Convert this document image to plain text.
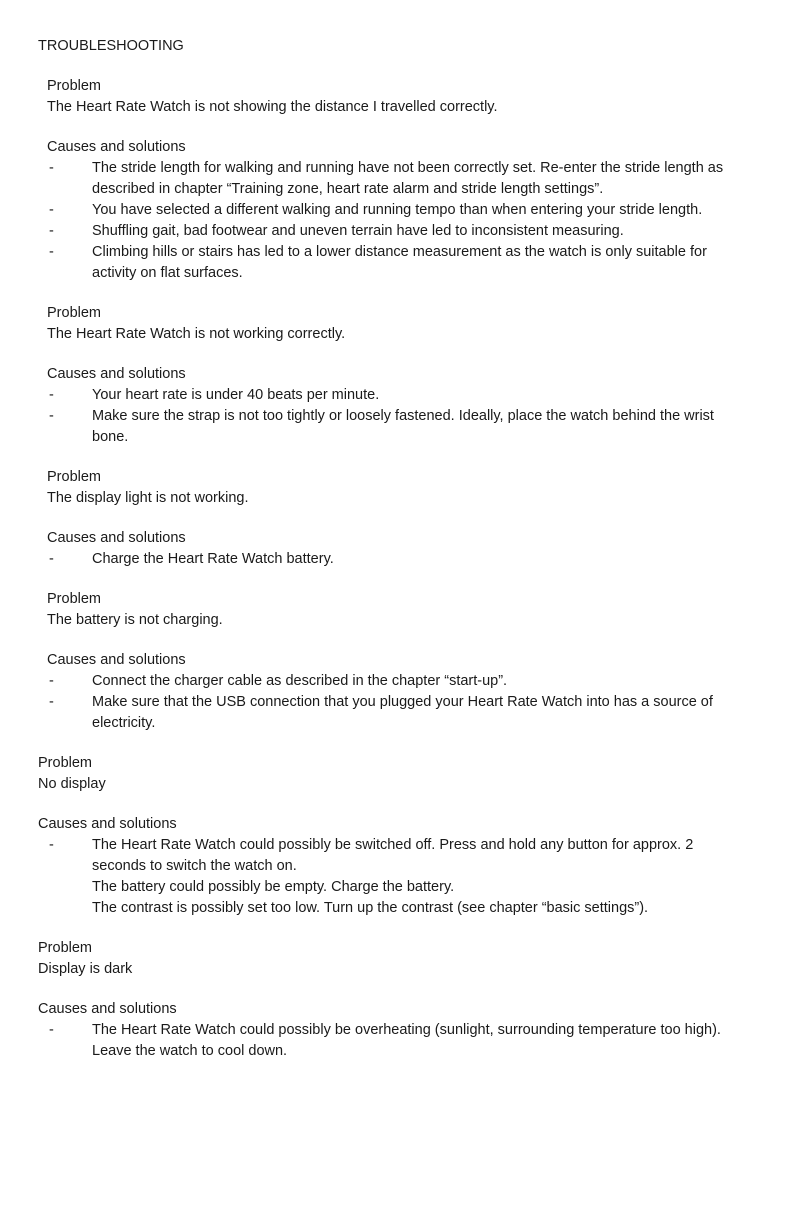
TROUBLESHOOTING
Problem
The Heart Rate Watch is not showing the distance I travelled correctly.
Causes and solutions
- The stride length for walking and running have not been correctly set. Re-enter the stride length as described in chapter “Training zone, heart rate alarm and stride length settings”.
- You have selected a different walking and running tempo than when entering your stride length.
- Shuffling gait, bad footwear and uneven terrain have led to inconsistent measuring.
- Climbing hills or stairs has led to a lower distance measurement as the watch is only suitable for activity on flat surfaces.
Problem
The Heart Rate Watch is not working correctly.
Causes and solutions
- Your heart rate is under 40 beats per minute.
- Make sure the strap is not too tightly or loosely fastened. Ideally, place the watch behind the wrist bone.
Problem
The display light is not working.
Causes and solutions
- Charge the Heart Rate Watch battery.
Problem
The battery is not charging.
Causes and solutions
- Connect the charger cable as described in the chapter “start-up”.
- Make sure that the USB connection that you plugged your Heart Rate Watch into has a source of electricity.
Problem
No display
Causes and solutions
- The Heart Rate Watch could possibly be switched off. Press and hold any button for approx. 2 seconds to switch the watch on.
The battery could possibly be empty. Charge the battery.
The contrast is possibly set too low. Turn up the contrast (see chapter “basic settings”).
Problem
Display is dark
Causes and solutions
- The Heart Rate Watch could possibly be overheating (sunlight, surrounding temperature too high). Leave the watch to cool down.
